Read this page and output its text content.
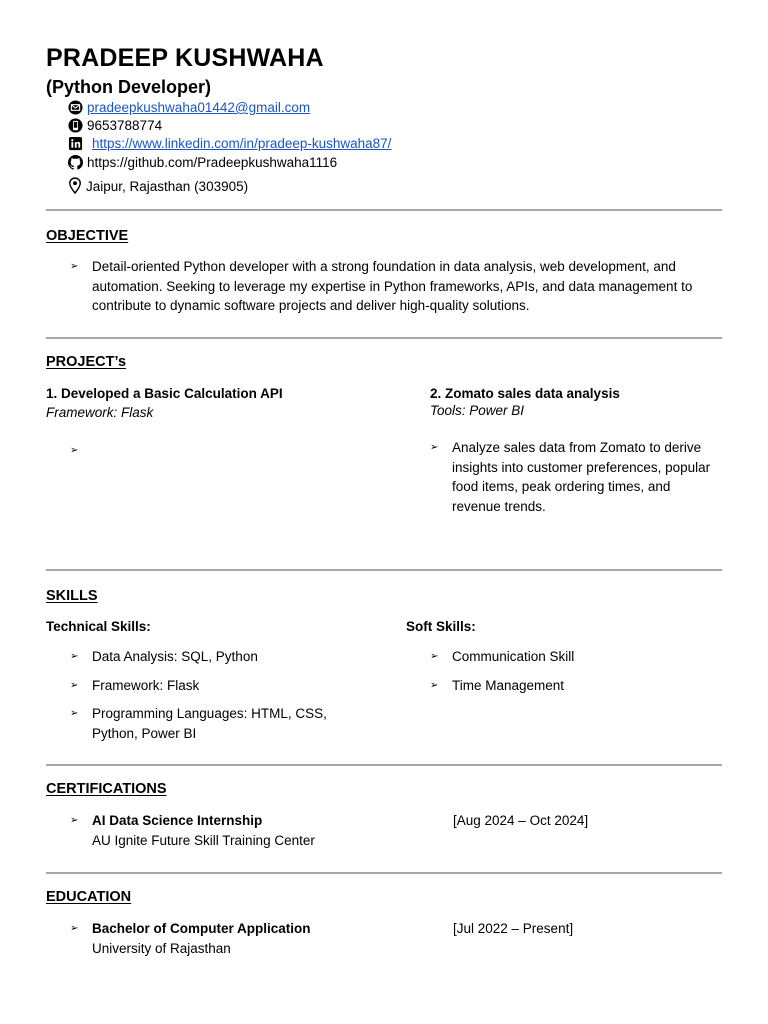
PRADEEP KUSHWAHA
(Python Developer)
pradeepkushwaha01442@gmail.com
9653788774
https://www.linkedin.com/in/pradeep-kushwaha87/
https://github.com/Pradeepkushwaha1116
Jaipur, Rajasthan (303905)
OBJECTIVE
➢	Detail-oriented Python developer with a strong foundation in data analysis, web development, and automation. Seeking to leverage my expertise in Python frameworks, APIs, and data management to contribute to dynamic software projects and deliver high-quality solutions.
PROJECT’s
1. Developed a Basic Calculation API
Framework: Flask
➢
2. Zomato sales data analysis
Tools: Power BI
➢	Analyze sales data from Zomato to derive insights into customer preferences, popular food items, peak ordering times, and revenue trends.
SKILLS
Technical Skills:	Soft Skills:
➢	Data Analysis: SQL, Python
➢	Framework: Flask
➢	Programming Languages: HTML, CSS, Python, Power BI
➢	Communication Skill
➢	Time Management
CERTIFICATIONS
➢	AI Data Science Internship
AU Ignite Future Skill Training Center
[Aug 2024 – Oct 2024]
EDUCATION
➢	Bachelor of Computer Application
University of Rajasthan
[Jul 2022 – Present]
